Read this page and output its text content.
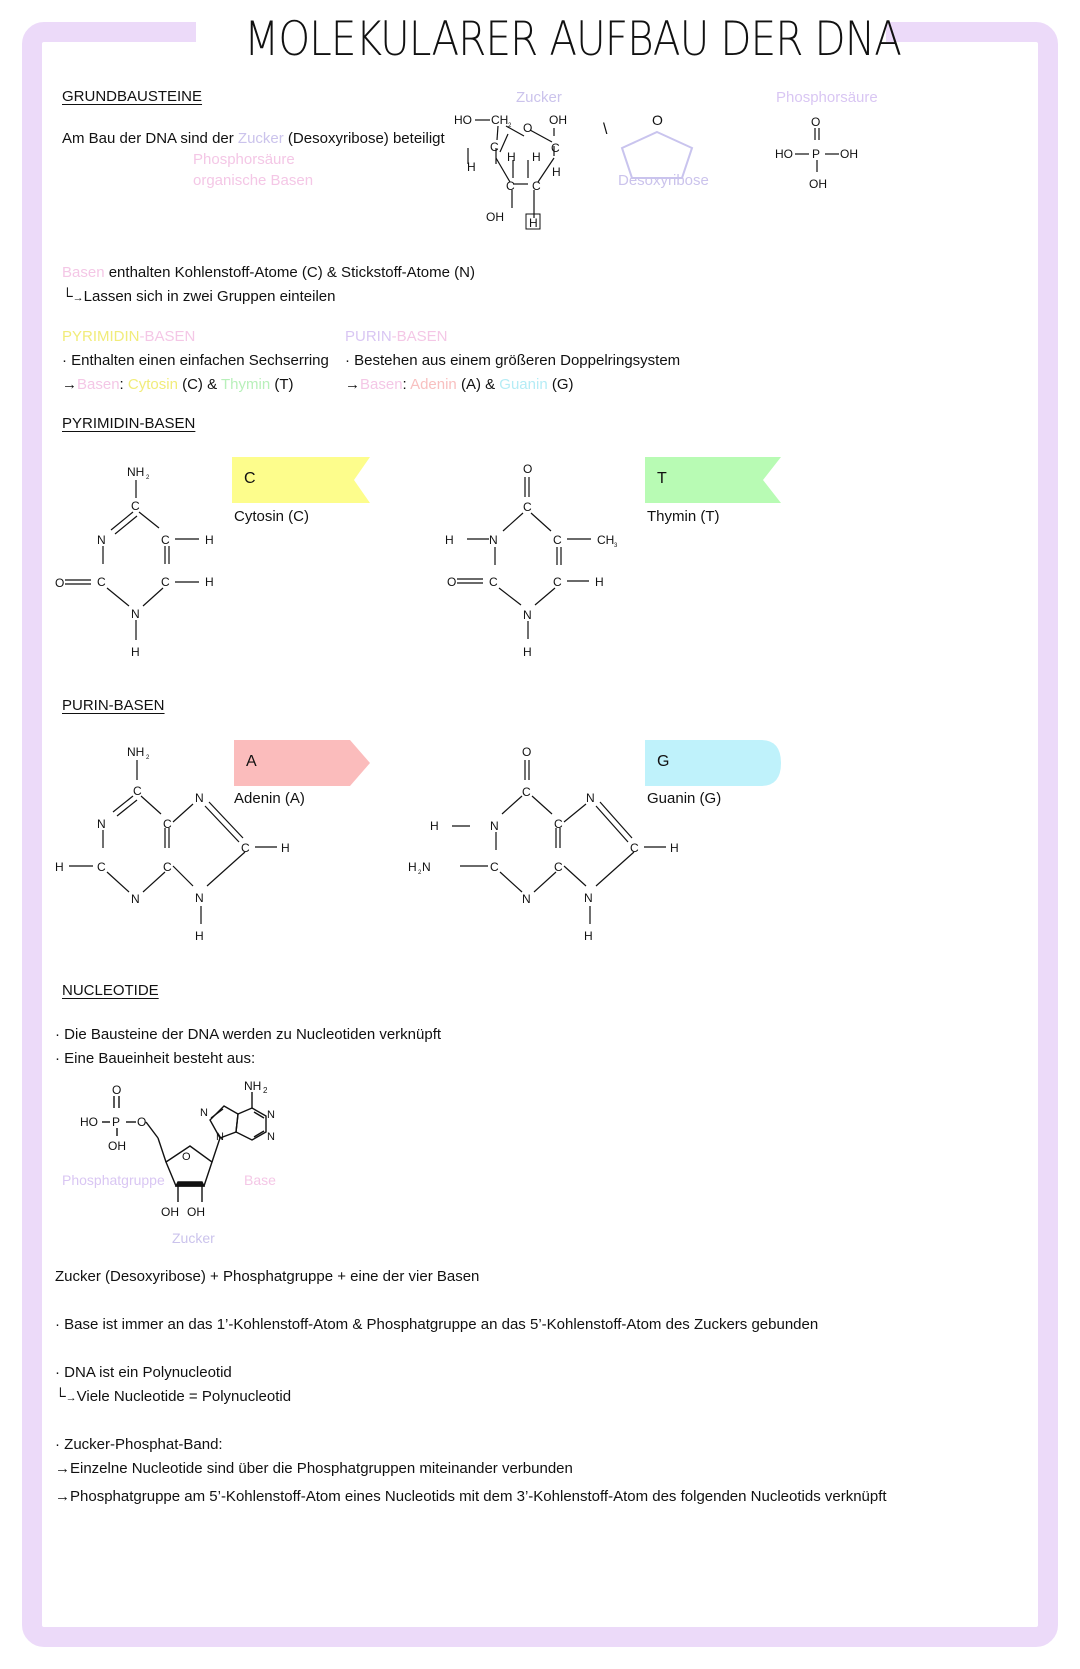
MOLEKULARER AUFBAU DER DNA
GRUNDBAUSTEINE
Am Bau der DNA sind der Zucker (Desoxyribose) beteiligt
Phosphorsäure
organische Basen
Zucker	Phosphorsäure
HO CH 2 O
OH
C	C
H H
H	H
C C
OH H
\
O
Desoxyribose
O
HO P OH
OH
Basen enthalten Kohlenstoff-Atome (C) & Stickstoff-Atome (N)
└→Lassen sich in zwei Gruppen einteilen
PYRIMIDIN-BASEN
· Enthalten einen einfachen Sechserring
→Basen: Cytosin (C) & Thymin (T)
PURIN-BASEN
· Bestehen aus einem größeren Doppelringsystem
→Basen: Adenin (A) & Guanin (G)
PYRIMIDIN-BASEN
NH 2
C
N	C	H
O	C	C	H
N
H
O
C
H	N	C	CH 3
O	C	C	H
N
H
PURIN-BASEN
NH 2
C
N	C
N
C	H
H	C	C
N	N
H
O
C
H	N	C
N
C	H
H 2 N	C	C
N	N
H
C
Cytosin (C)
T
Thymin (T)
A
Adenin (A)
G
Guanin (G)
NUCLEOTIDE
· Die Bausteine der DNA werden zu Nucleotiden verknüpft
· Eine Baueinheit besteht aus:
O
HO P O
OH
OH OH
NH 2
N
N
N
N
O
Phosphatgruppe	Base
Zucker
Zucker (Desoxyribose) + Phosphatgruppe + eine der vier Basen
· Base ist immer an das 1’-Kohlenstoff-Atom & Phosphatgruppe an das 5’-Kohlenstoff-Atom des Zuckers gebunden
· DNA ist ein Polynucleotid
└→Viele Nucleotide = Polynucleotid
· Zucker-Phosphat-Band:
→Einzelne Nucleotide sind über die Phosphatgruppen miteinander verbunden
→Phosphatgruppe am 5’-Kohlenstoff-Atom eines Nucleotids mit dem 3’-Kohlenstoff-Atom des folgenden Nucleotids verknüpft
